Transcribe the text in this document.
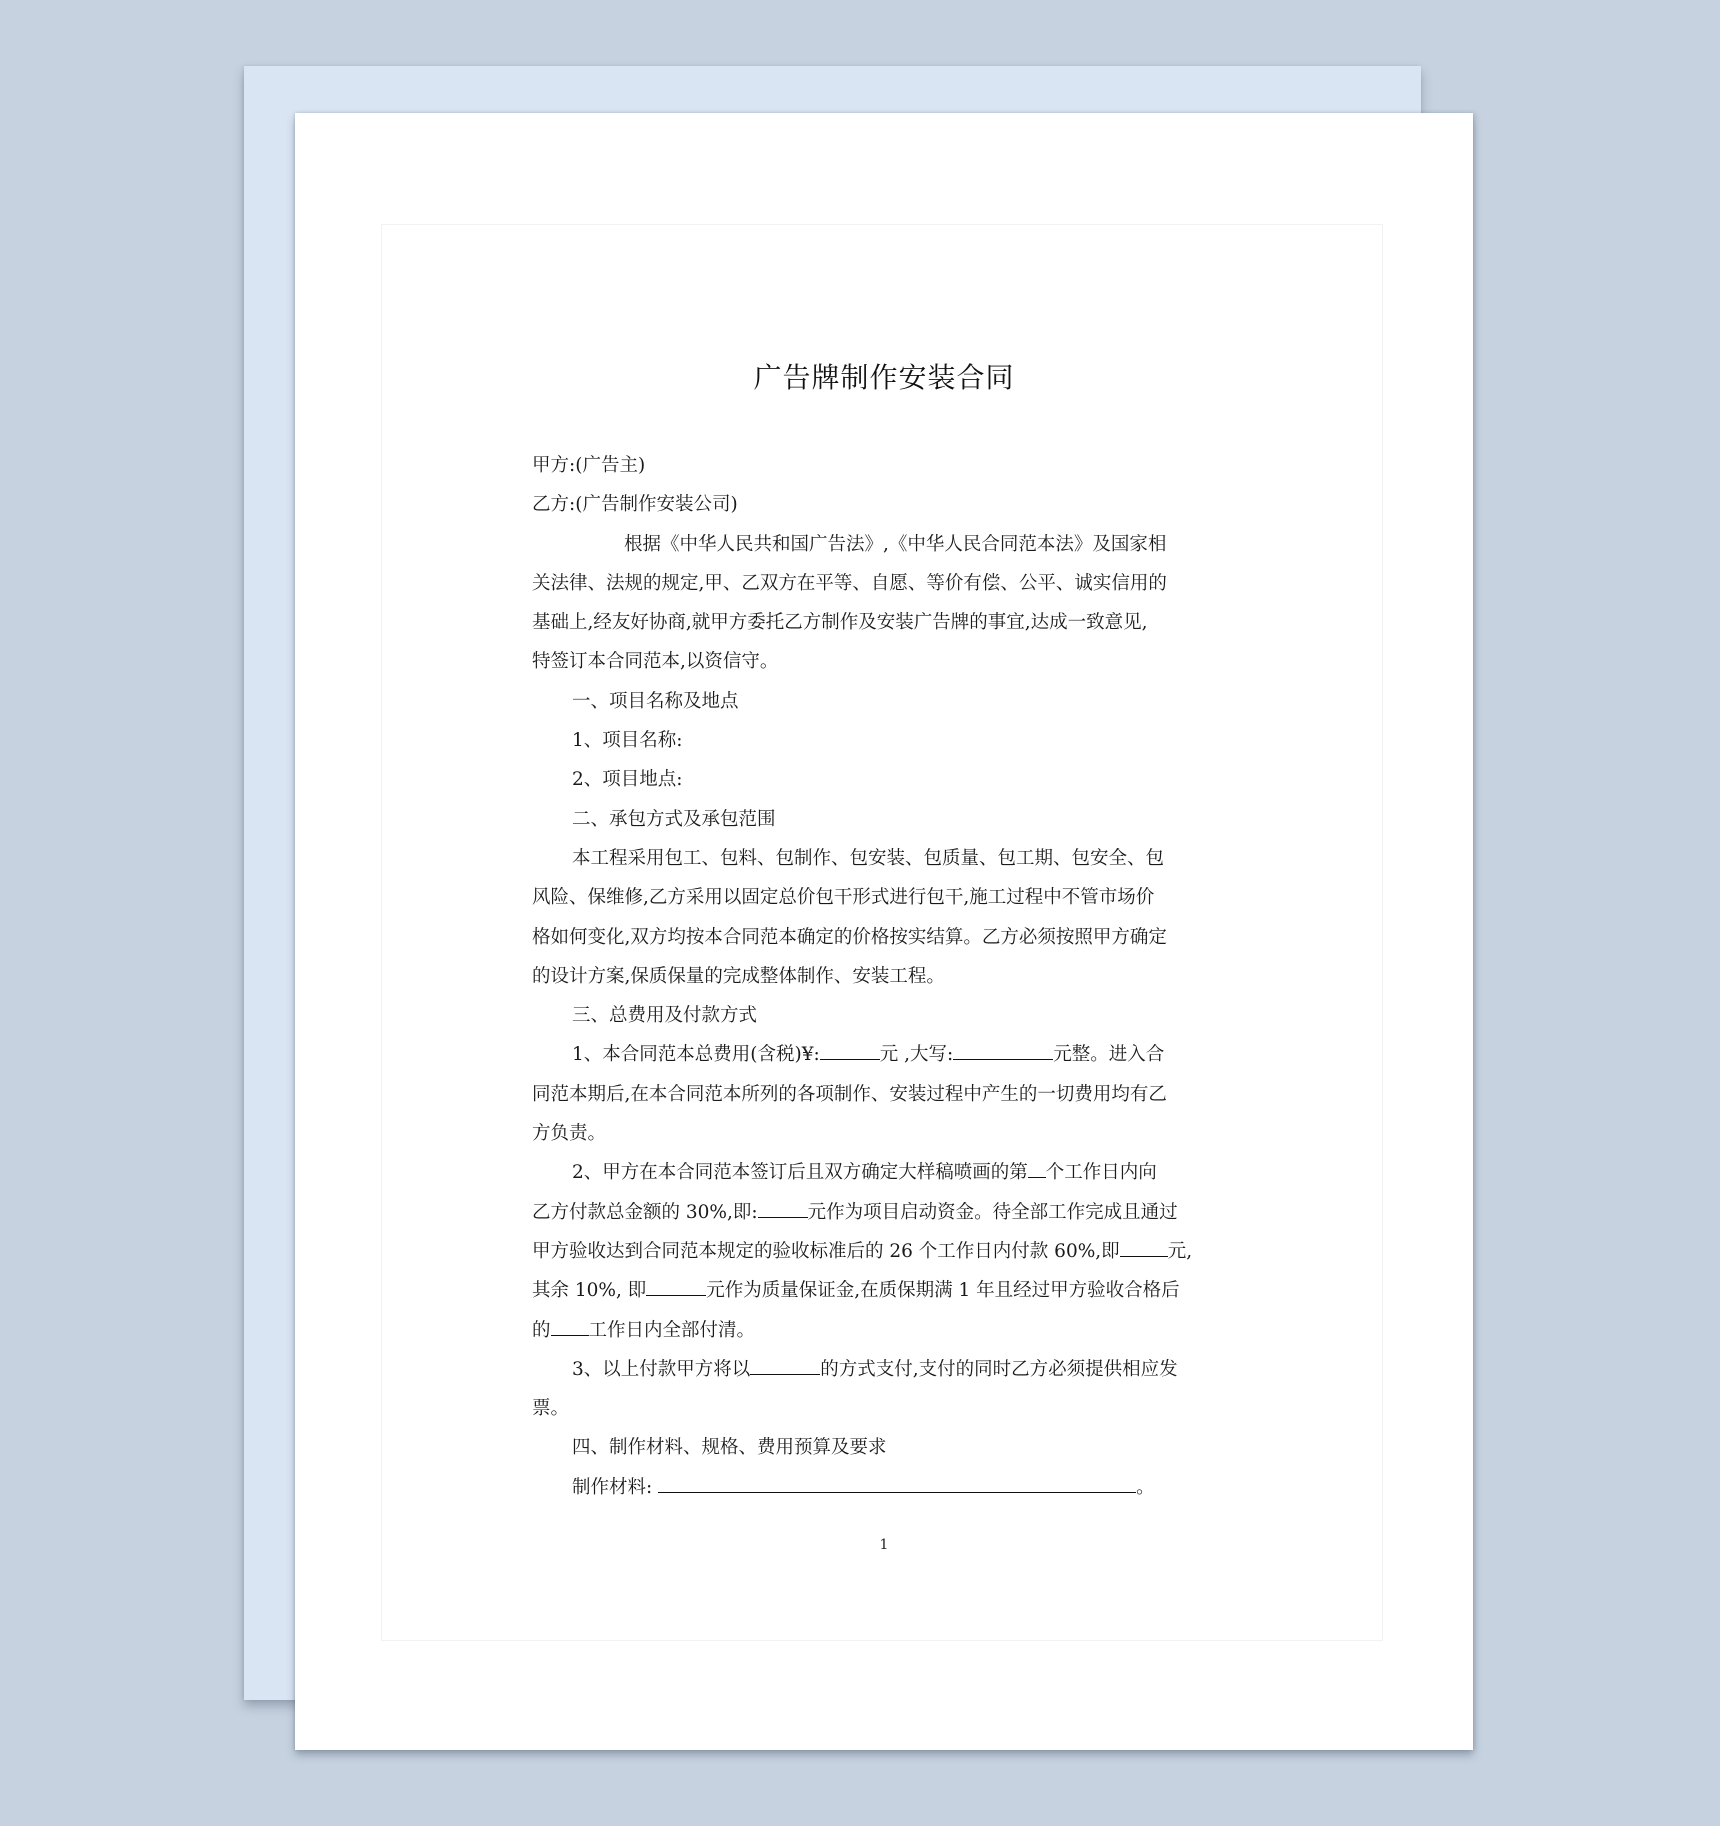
广告牌制作安装合同
甲方:(广告主)
乙方:(广告制作安装公司)
根据《中华人民共和国广告法》,《中华人民合同范本法》及国家相
关法律、法规的规定,甲、乙双方在平等、自愿、等价有偿、公平、诚实信用的
基础上,经友好协商,就甲方委托乙方制作及安装广告牌的事宜,达成一致意见,
特签订本合同范本,以资信守。
一、项目名称及地点
1、项目名称:
2、项目地点:
二、承包方式及承包范围
本工程采用包工、包料、包制作、包安装、包质量、包工期、包安全、包
风险、保维修,乙方采用以固定总价包干形式进行包干,施工过程中不管市场价
格如何变化,双方均按本合同范本确定的价格按实结算。乙方必须按照甲方确定
的设计方案,保质保量的完成整体制作、安装工程。
三、总费用及付款方式
1、本合同范本总费用(含税)¥:	元 ,大写:	元整。进入合
同范本期后,在本合同范本所列的各项制作、安装过程中产生的一切费用均有乙
方负责。
2、甲方在本合同范本签订后且双方确定大样稿喷画的第 个工作日内向
乙方付款总金额的 30%,即:	元作为项目启动资金。待全部工作完成且通过
甲方验收达到合同范本规定的验收标准后的 26 个工作日内付款 60%,即	元,
其余 10%, 即	元作为质量保证金,在质保期满 1 年且经过甲方验收合格后
的 工作日内全部付清。
3、以上付款甲方将以	的方式支付,支付的同时乙方必须提供相应发
票。
四、制作材料、规格、费用预算及要求
制作材料:	。
1
